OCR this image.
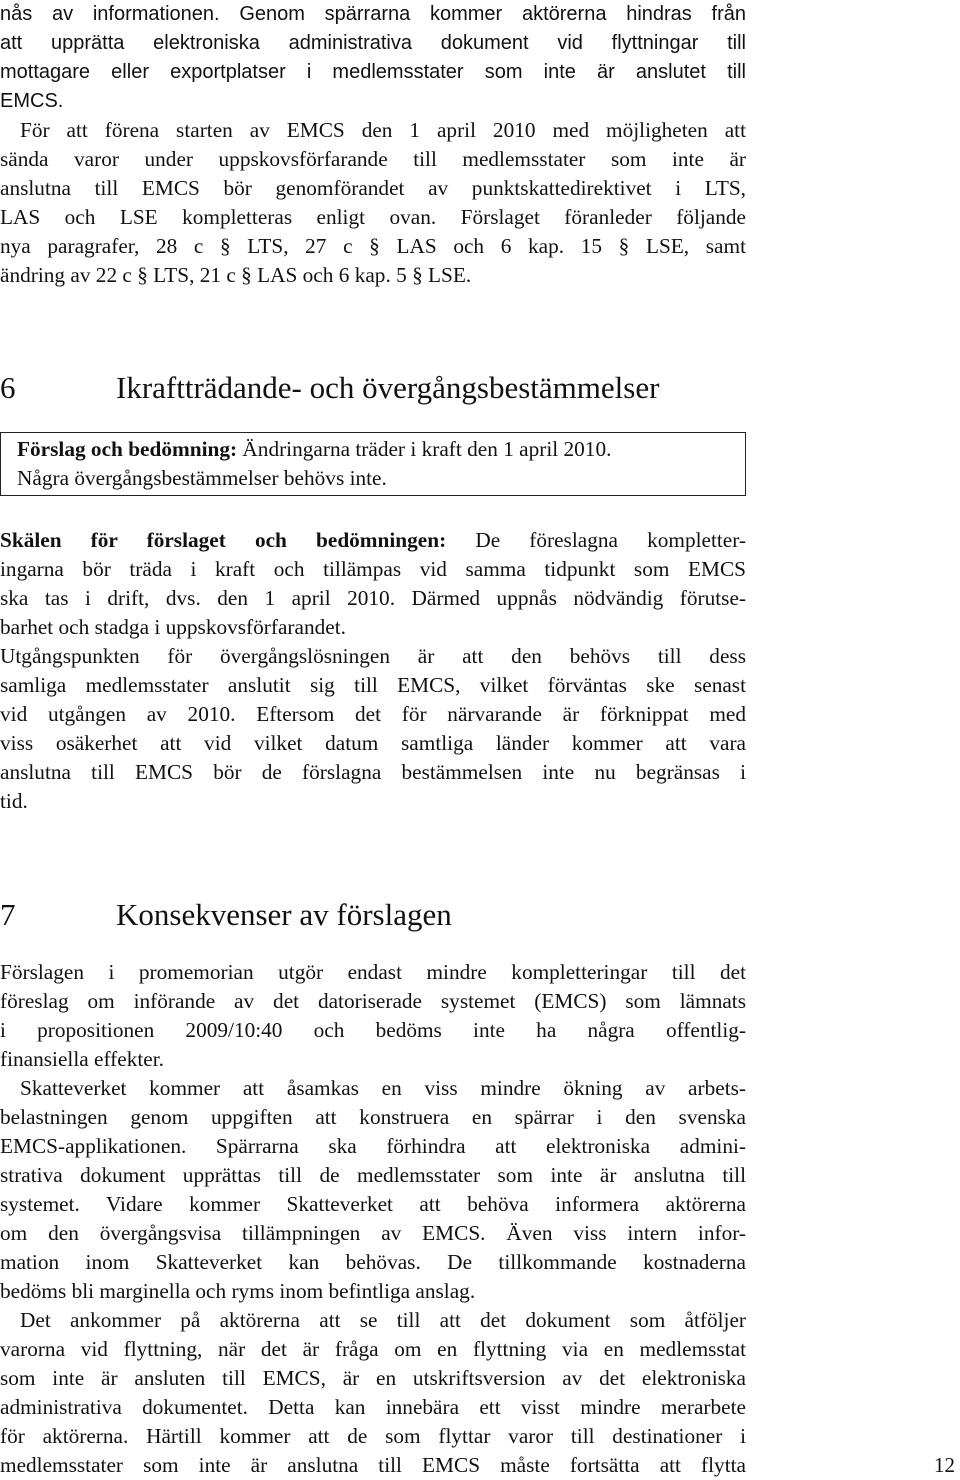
nås av informationen. Genom spärrarna kommer aktörerna hindras från
att upprätta elektroniska administrativa dokument vid flyttningar till
mottagare eller exportplatser i medlemsstater som inte är anslutet till
EMCS.
För att förena starten av EMCS den 1 april 2010 med möjligheten att
sända varor under uppskovsförfarande till medlemsstater som inte är
anslutna till EMCS bör genomförandet av punktskattedirektivet i LTS,
LAS och LSE kompletteras enligt ovan. Förslaget föranleder följande
nya paragrafer, 28 c § LTS, 27 c § LAS och 6 kap. 15 § LSE, samt
ändring av 22 c § LTS, 21 c § LAS och 6 kap. 5 § LSE.
6	Ikraftträdande- och övergångsbestämmelser
Förslag och bedömning: Ändringarna träder i kraft den 1 april 2010.
Några övergångsbestämmelser behövs inte.
Skälen för förslaget och bedömningen: De föreslagna kompletter-
ingarna bör träda i kraft och tillämpas vid samma tidpunkt som EMCS
ska tas i drift, dvs. den 1 april 2010. Därmed uppnås nödvändig förutse-
barhet och stadga i uppskovsförfarandet.
Utgångspunkten för övergångslösningen är att den behövs till dess
samliga medlemsstater anslutit sig till EMCS, vilket förväntas ske senast
vid utgången av 2010. Eftersom det för närvarande är förknippat med
viss osäkerhet att vid vilket datum samtliga länder kommer att vara
anslutna till EMCS bör de förslagna bestämmelsen inte nu begränsas i
tid.
7	Konsekvenser av förslagen
Förslagen i promemorian utgör endast mindre kompletteringar till det
föreslag om införande av det datoriserade systemet (EMCS) som lämnats
i propositionen 2009/10:40 och bedöms inte ha några offentlig-
finansiella effekter.
Skatteverket kommer att åsamkas en viss mindre ökning av arbets-
belastningen genom uppgiften att konstruera en spärrar i den svenska
EMCS-applikationen. Spärrarna ska förhindra att elektroniska admini-
strativa dokument upprättas till de medlemsstater som inte är anslutna till
systemet. Vidare kommer Skatteverket att behöva informera aktörerna
om den övergångsvisa tillämpningen av EMCS. Även viss intern infor-
mation inom Skatteverket kan behövas. De tillkommande kostnaderna
bedöms bli marginella och ryms inom befintliga anslag.
Det ankommer på aktörerna att se till att det dokument som åtföljer
varorna vid flyttning, när det är fråga om en flyttning via en medlemsstat
som inte är ansluten till EMCS, är en utskriftsversion av det elektroniska
administrativa dokumentet. Detta kan innebära ett visst mindre merarbete
för aktörerna. Härtill kommer att de som flyttar varor till destinationer i
medlemsstater som inte är anslutna till EMCS måste fortsätta att flytta	12
